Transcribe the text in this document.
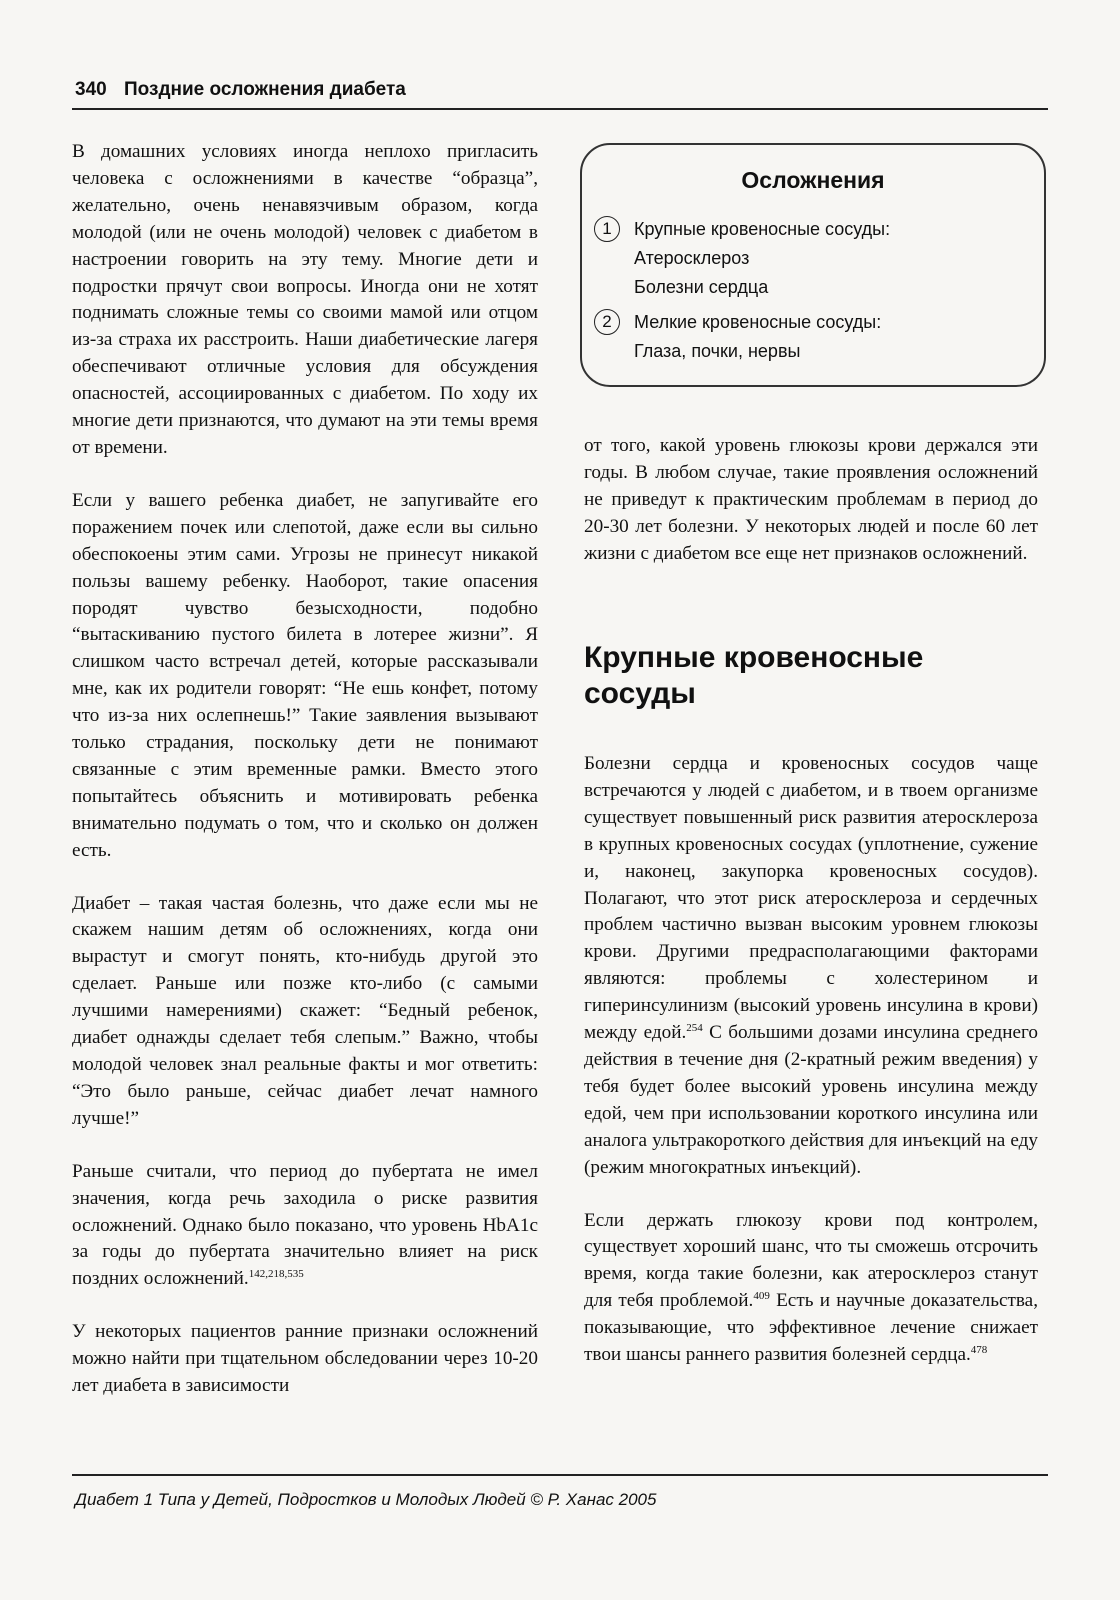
340 Поздние осложнения диабета

В домашних условиях иногда неплохо пригласить человека с осложнениями в качестве “образца”, желательно, очень ненавязчивым образом, когда молодой (или не очень молодой) человек с диабетом в настроении говорить на эту тему. Многие дети и подростки прячут свои вопросы. Иногда они не хотят поднимать сложные темы со своими мамой или отцом из-за страха их расстроить. Наши диабетические лагеря обеспечивают отличные условия для обсуждения опасностей, ассоциированных с диабетом. По ходу их многие дети признаются, что думают на эти темы время от времени.

Если у вашего ребенка диабет, не запугивайте его поражением почек или слепотой, даже если вы сильно обеспокоены этим сами. Угрозы не принесут никакой пользы вашему ребенку. Наоборот, такие опасения породят чувство безысходности, подобно “вытаскиванию пустого билета в лотерее жизни”. Я слишком часто встречал детей, которые рассказывали мне, как их родители говорят: “Не ешь конфет, потому что из-за них ослепнешь!” Такие заявления вызывают только страдания, поскольку дети не понимают связанные с этим временные рамки. Вместо этого попытайтесь объяснить и мотивировать ребенка внимательно подумать о том, что и сколько он должен есть.

Диабет – такая частая болезнь, что даже если мы не скажем нашим детям об осложнениях, когда они вырастут и смогут понять, кто-нибудь другой это сделает. Раньше или позже кто-либо (с самыми лучшими намерениями) скажет: “Бедный ребенок, диабет однажды сделает тебя слепым.” Важно, чтобы молодой человек знал реальные факты и мог ответить: “Это было раньше, сейчас диабет лечат намного лучше!”

Раньше считали, что период до пубертата не имел значения, когда речь заходила о риске развития осложнений. Однако было показано, что уровень HbA1c за годы до пубертата значительно влияет на риск поздних осложнений.$^{142,218,535}$

У некоторых пациентов ранние признаки осложнений можно найти при тщательном обследовании через 10-20 лет диабета в зависимости

Осложнения
1	Крупные кровеносные сосуды:
Атеросклероз
Болезни сердца
2	Мелкие кровеносные сосуды:
Глаза, почки, нервы

от того, какой уровень глюкозы крови держался эти годы. В любом случае, такие проявления осложнений не приведут к практическим проблемам в период до 20-30 лет болезни. У некоторых людей и после 60 лет жизни с диабетом все еще нет признаков осложнений.

Крупные кровеносные сосуды

Болезни сердца и кровеносных сосудов чаще встречаются у людей с диабетом, и в твоем организме существует повышенный риск развития атеросклероза в крупных кровеносных сосудах (уплотнение, сужение и, наконец, закупорка кровеносных сосудов). Полагают, что этот риск атеросклероза и сердечных проблем частично вызван высоким уровнем глюкозы крови. Другими предрасполагающими факторами являются: проблемы с холестерином и гиперинсулинизм (высокий уровень инсулина в крови) между едой.$^{254}$ С большими дозами инсулина среднего действия в течение дня (2-кратный режим введения) у тебя будет более высокий уровень инсулина между едой, чем при использовании короткого инсулина или аналога ультракороткого действия для инъекций на еду (режим многократных инъекций).

Если держать глюкозу крови под контролем, существует хороший шанс, что ты сможешь отсрочить время, когда такие болезни, как атеросклероз станут для тебя проблемой.$^{409}$ Есть и научные доказательства, показывающие, что эффективное лечение снижает твои шансы раннего развития болезней сердца.$^{478}$

Диабет 1 Типа у Детей, Подростков и Молодых Людей © Р. Ханас 2005
